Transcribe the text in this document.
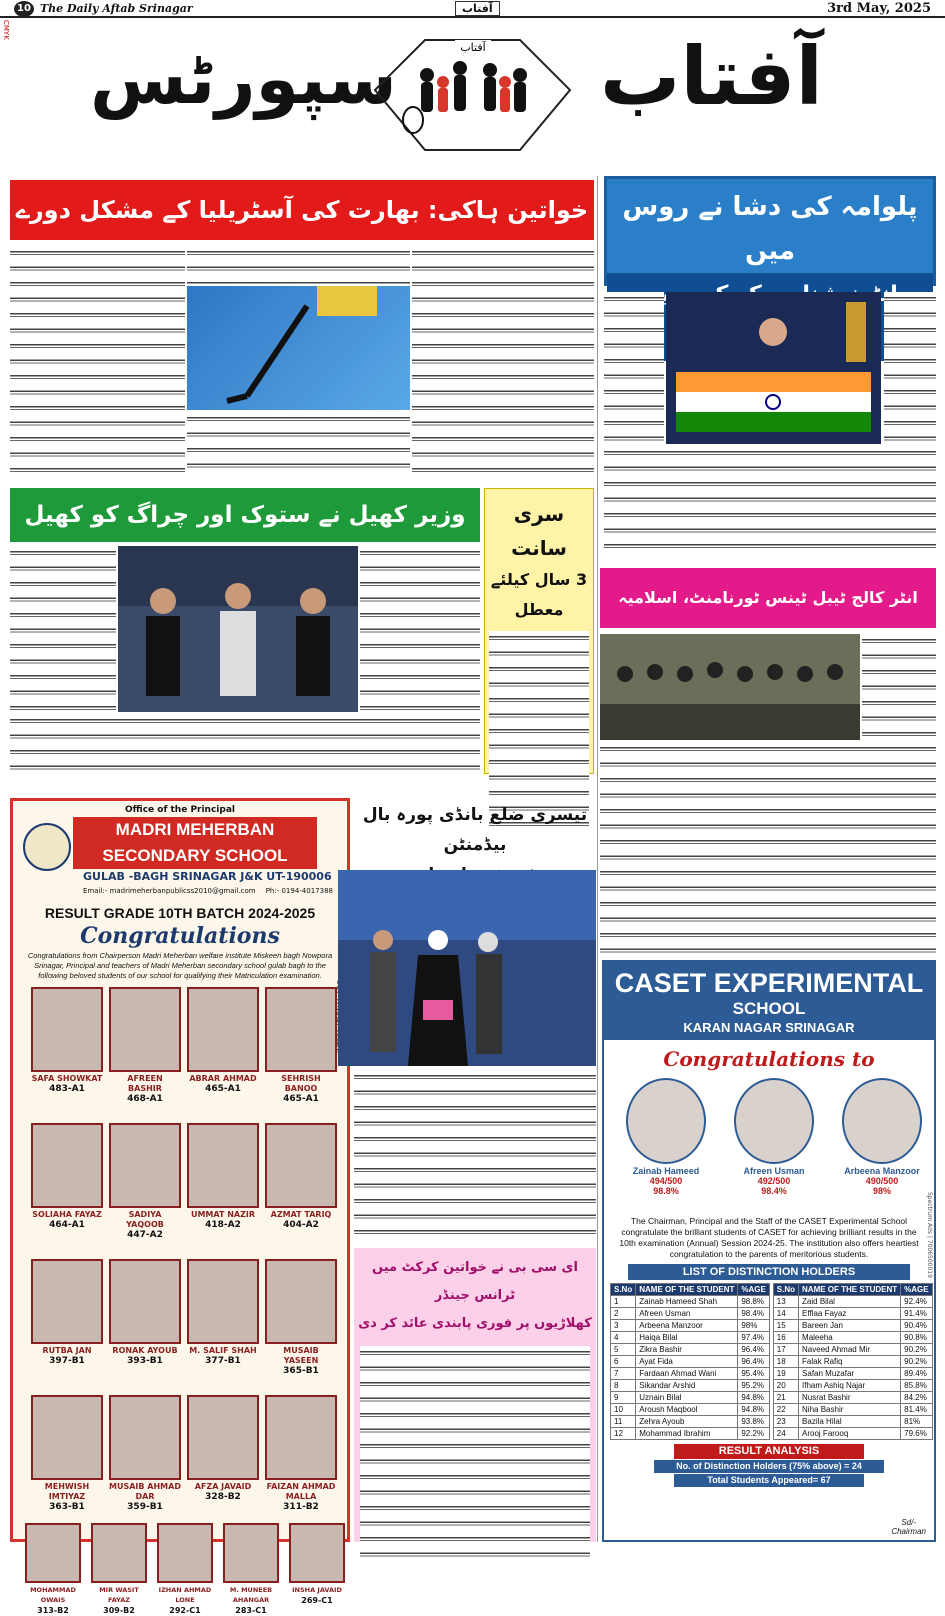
10 The Daily Aftab Srinagar	آفتاب	3rd May, 2025
CMYK
سپورٹس	آفتاب
آفتاب
خواتین ہاکی: بھارت کی آسٹریلیا کے مشکل دورے	پلوامہ کی دشا نے روس میں
وزیر کھیل نے ستوک اور چراگ کو کھیل	سری سانت
3 سال کیلئے معطل
انٹر کالج ٹیبل ٹینس ٹورنامنٹ، اسلامیہ
Office of the Principal
MADRI MEHERBAN SECONDARY SCHOOL
GULAB -BAGH SRINAGAR J&K UT-190006
Email:- madrimeherbanpublicss2010@gmail.com Ph:- 0194-4017388
RESULT GRADE 10TH BATCH 2024-2025
Congratulations
Congratulations from Chairperson Madri Meherban welfare institute Miskeen bagh Nowpora Srinagar, Principal and teachers of Madri Meherban secondary school gulab bagh to the following beloved students of our school for qualifying their Matriculation examination.
SAFA SHOWKAT
483-A1
AFREEN BASHIR
468-A1
ABRAR AHMAD
465-A1
SEHRISH BANOO
465-A1
SOLIAHA FAYAZ
464-A1
SADIYA YAQOOB
447-A2
UMMAT NAZIR
418-A2
AZMAT TARIQ
404-A2
RUTBA JAN
397-B1
RONAK AYOUB
393-B1
M. SALIF SHAH
377-B1
MUSAIB YASEEN
365-B1
MEHWISH IMTIYAZ
363-B1
MUSAIB AHMAD DAR
359-B1
AFZA JAVAID
328-B2
FAIZAN AHMAD MALLA
311-B2
MOHAMMAD OWAIS
313-B2
MIR WASIT FAYAZ
309-B2
IZHAN AHMAD LONE
292-C1
M. MUNEEB AHANGAR
283-C1
INSHA JAVAID
269-C1
تیسری ضلع بانڈی پورہ بال بیڈمنٹن
ای سی بی نے خواتین کرکٹ میں ٹرانس جینڈر
کھلاڑیوں پر فوری پابندی عائد کر دی
CASET EXPERIMENTAL
SCHOOL
KARAN NAGAR SRINAGAR
Congratulations to
Zainab Hameed
494/500
98.8%
Afreen Usman
492/500
98.4%
Arbeena Manzoor
490/500
98%
The Chairman, Principal and the Staff of the CASET Experimental School congratulate the brilliant students of CASET for achieving brilliant results in the 10th examination (Annual) Session 2024-25. The institution also offers heartiest congratulation to the parents of meritorious students.
LIST OF DISTINCTION HOLDERS
S.No	NAME OF THE STUDENT	%AGE
1	Zainab Hameed Shah	98.8%
2	Afreen Usman	98.4%
3	Arbeena Manzoor	98%
4	Haiqa Bilal	97.4%
5	Zikra Bashir	96.4%
6	Ayat Fida	96.4%
7	Fardaan Ahmad Wani	95.4%
8	Sikandar Arshid	95.2%
9	Uznain Bilal	94.8%
10	Aroush Maqbool	94.8%
11	Zehra Ayoub	93.8%
12	Mohammad Ibrahim	92.2%
S.No	NAME OF THE STUDENT	%AGE
13	Zaid Bilal	92.4%
14	Efflaa Fayaz	91.4%
15	Bareen Jan	90.4%
16	Maleeha	90.8%
17	Naveed Ahmad Mir	90.2%
18	Falak Rafiq	90.2%
19	Safan Muzafar	89.4%
20	Ifham Ashiq Najar	85.8%
21	Nusrat Bashir	84.2%
22	Niha Bashir	81.4%
23	Bazila Hilal	81%
24	Arooj Farooq	79.6%
RESULT ANALYSIS
No. of Distinction Holders (75% above) = 24
Total Students Appeared= 67
Sd/-
Chairman
Spectrum Ads | 7006500019
